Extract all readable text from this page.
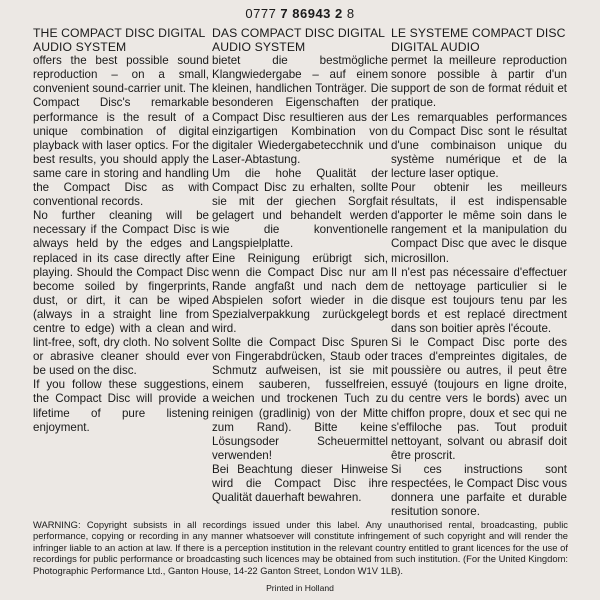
0777 7 86943 2 8
THE COMPACT DISC DIGITAL AUDIO SYSTEM

offers the best possible sound reproduction – on a small, convenient sound-carrier unit. The Compact Disc's remarkable performance is the result of a unique combination of digital playback with laser optics. For the best results, you should apply the same care in storing and handling the Compact Disc as with conventional records.

No further cleaning will be necessary if the Compact Disc is always held by the edges and replaced in its case directly after playing. Should the Compact Disc become soiled by fingerprints, dust, or dirt, it can be wiped (always in a straight line from centre to edge) with a clean and lint-free, soft, dry cloth. No solvent or abrasive cleaner should ever be used on the disc.

If you follow these suggestions, the Compact Disc will provide a lifetime of pure listening enjoyment.

DAS COMPACT DISC DIGITAL AUDIO SYSTEM

bietet die bestmögliche Klangwiedergabe – auf einem kleinen, handlichen Tonträger. Die besonderen Eigenschaften der Compact Disc resultieren aus der einzigartigen Kombination von digitaler Wiedergabetecchnik und Laser-Abtastung.

Um die hohe Qualität der Compact Disc zu erhalten, sollte sie mit der giechen Sorgfait gelagert und behandelt werden wie die konventionelle Langspielplatte.

Eine Reinigung erübrigt sich, wenn die Compact Disc nur am Rande angfaßt und nach dem Abspielen sofort wieder in die Spezialverpakkung zurückgelegt wird.

Sollte die Compact Disc Spuren von Fingerabdrücken, Staub oder Schmutz aufweisen, ist sie mit einem sauberen, fusselfreien, weichen und trockenen Tuch zu reinigen (gradlinig) von der Mitte zum Rand). Bitte keine Lösungsoder Scheuermittel verwenden!

Bei Beachtung dieser Hinweise wird die Compact Disc ihre Qualität dauerhaft bewahren.

LE SYSTEME COMPACT DISC DIGITAL AUDIO

permet la meilleure reproduction sonore possible à partir d'un support de son de format réduit et pratique.

Les remarquables performances du Compact Disc sont le résultat d'une combinaison unique du système numérique et de la lecture laser optique.

Pour obtenir les meilleurs résultats, il est indispensable d'apporter le même soin dans le rangement et la manipulation du Compact Disc que avec le disque microsillon.

Il n'est pas nécessaire d'effectuer de nettoyage particulier si le disque est toujours tenu par les bords et est replacé directment dans son boitier après l'écoute.

Si le Compact Disc porte des traces d'empreintes digitales, de poussière ou autres, il peut être essuyé (toujours en ligne droite, du centre vers le bords) avec un chiffon propre, doux et sec qui ne s'effiloche pas. Tout produit nettoyant, solvant ou abrasif doit être proscrit.

Si ces instructions sont respectées, le Compact Disc vous donnera une parfaite et durable resitution sonore.

WARNING: Copyright subsists in all recordings issued under this label. Any unauthorised rental, broadcasting, public performance, copying or recording in any manner whatsoever will constitute infringement of such copyright and will render the infringer liable to an action at law. If there is a perception institution in the relevant country entitled to grant licences for the use of recordings for public performance or broadcasting such licences may be obtained from such institution. (For the United Kingdom: Photographic Performance Ltd., Ganton House, 14-22 Ganton Street, London W1V 1LB).
Printed in Holland
